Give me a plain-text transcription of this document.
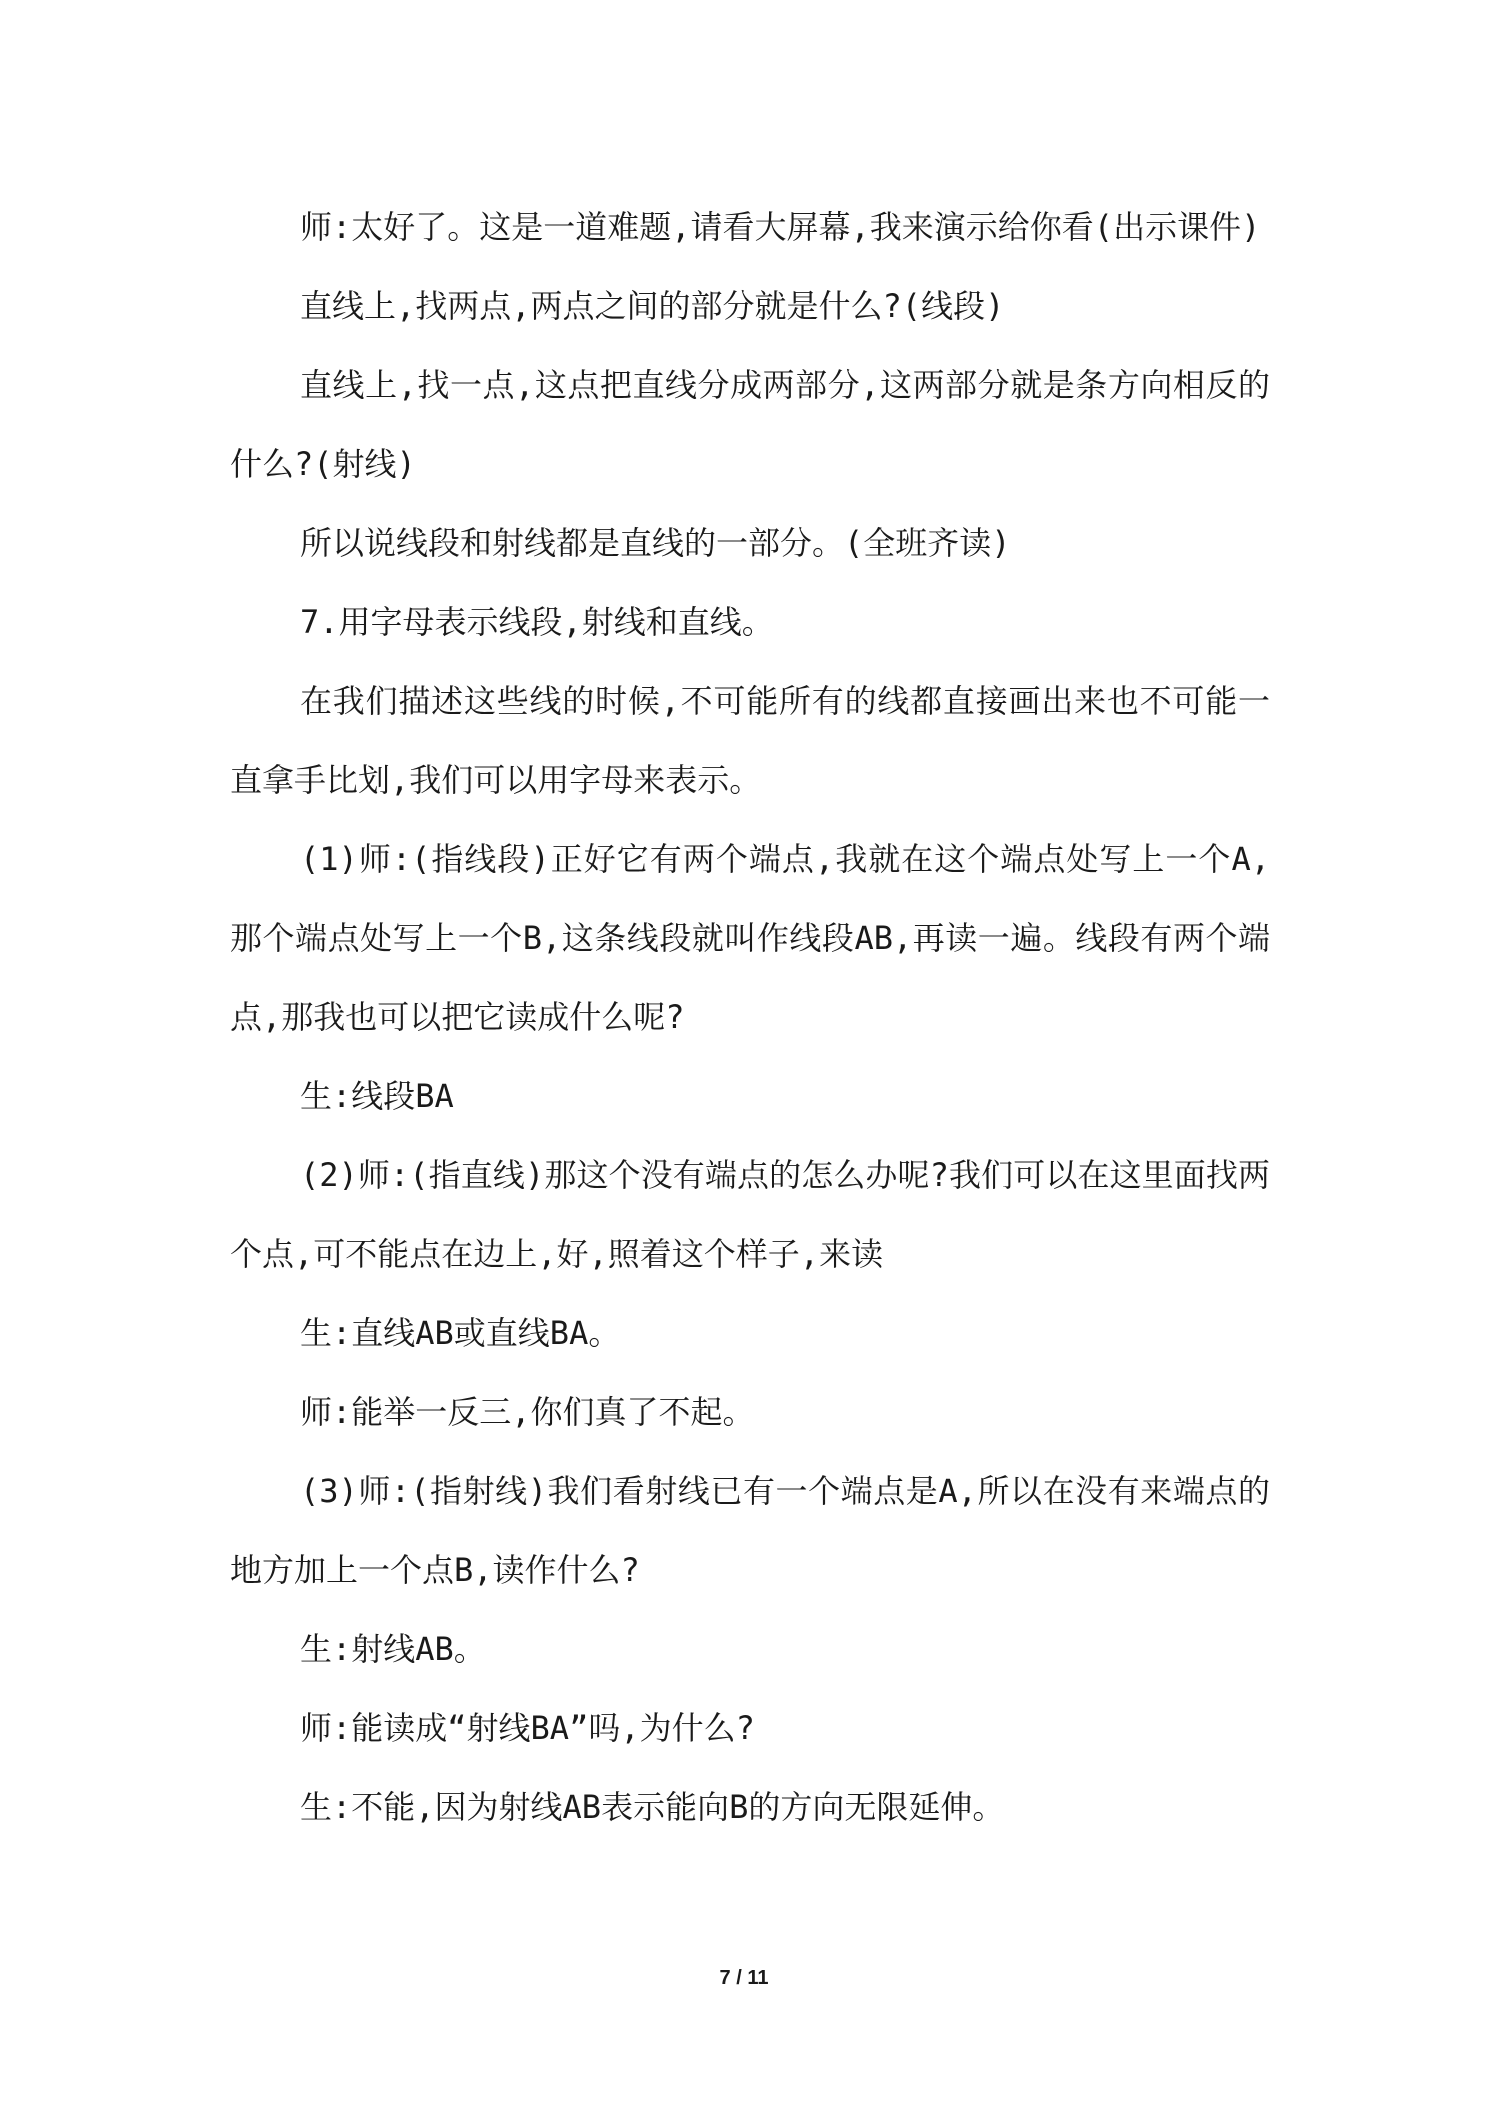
师:太好了。这是一道难题,请看大屏幕,我来演示给你看(出示课件)

直线上,找两点,两点之间的部分就是什么?(线段)

直线上,找一点,这点把直线分成两部分,这两部分就是条方向相反的什么?(射线)

所以说线段和射线都是直线的一部分。(全班齐读)

7.用字母表示线段,射线和直线。

在我们描述这些线的时候,不可能所有的线都直接画出来也不可能一直拿手比划,我们可以用字母来表示。

(1)师:(指线段)正好它有两个端点,我就在这个端点处写上一个A,那个端点处写上一个B,这条线段就叫作线段AB,再读一遍。线段有两个端点,那我也可以把它读成什么呢?

生:线段BA

(2)师:(指直线)那这个没有端点的怎么办呢?我们可以在这里面找两个点,可不能点在边上,好,照着这个样子,来读

生:直线AB或直线BA。

师:能举一反三,你们真了不起。

(3)师:(指射线)我们看射线已有一个端点是A,所以在没有来端点的地方加上一个点B,读作什么?

生:射线AB。

师:能读成“射线BA”吗,为什么?

生:不能,因为射线AB表示能向B的方向无限延伸。

7 / 11
